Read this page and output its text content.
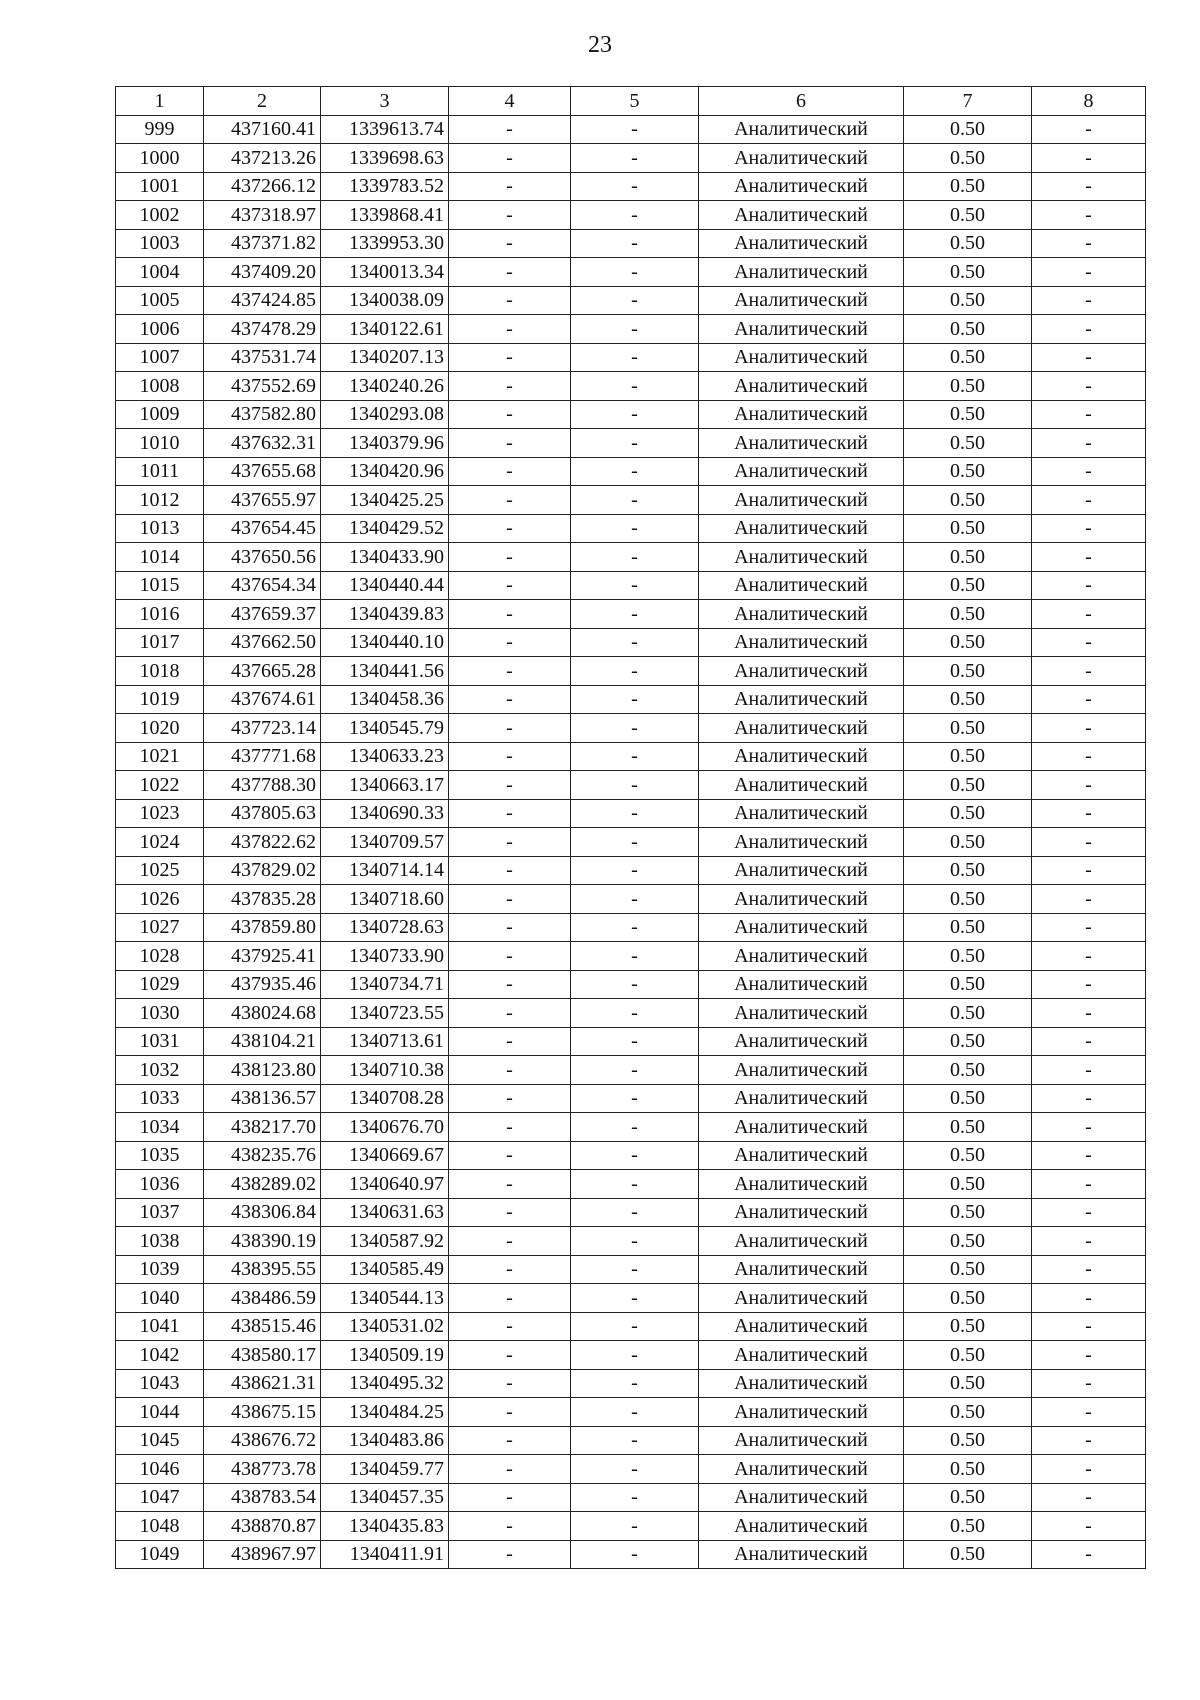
23
1	2	3	4	5	6	7	8
999	437160.41	1339613.74	-	-	Аналитический	0.50	-
1000	437213.26	1339698.63	-	-	Аналитический	0.50	-
1001	437266.12	1339783.52	-	-	Аналитический	0.50	-
1002	437318.97	1339868.41	-	-	Аналитический	0.50	-
1003	437371.82	1339953.30	-	-	Аналитический	0.50	-
1004	437409.20	1340013.34	-	-	Аналитический	0.50	-
1005	437424.85	1340038.09	-	-	Аналитический	0.50	-
1006	437478.29	1340122.61	-	-	Аналитический	0.50	-
1007	437531.74	1340207.13	-	-	Аналитический	0.50	-
1008	437552.69	1340240.26	-	-	Аналитический	0.50	-
1009	437582.80	1340293.08	-	-	Аналитический	0.50	-
1010	437632.31	1340379.96	-	-	Аналитический	0.50	-
1011	437655.68	1340420.96	-	-	Аналитический	0.50	-
1012	437655.97	1340425.25	-	-	Аналитический	0.50	-
1013	437654.45	1340429.52	-	-	Аналитический	0.50	-
1014	437650.56	1340433.90	-	-	Аналитический	0.50	-
1015	437654.34	1340440.44	-	-	Аналитический	0.50	-
1016	437659.37	1340439.83	-	-	Аналитический	0.50	-
1017	437662.50	1340440.10	-	-	Аналитический	0.50	-
1018	437665.28	1340441.56	-	-	Аналитический	0.50	-
1019	437674.61	1340458.36	-	-	Аналитический	0.50	-
1020	437723.14	1340545.79	-	-	Аналитический	0.50	-
1021	437771.68	1340633.23	-	-	Аналитический	0.50	-
1022	437788.30	1340663.17	-	-	Аналитический	0.50	-
1023	437805.63	1340690.33	-	-	Аналитический	0.50	-
1024	437822.62	1340709.57	-	-	Аналитический	0.50	-
1025	437829.02	1340714.14	-	-	Аналитический	0.50	-
1026	437835.28	1340718.60	-	-	Аналитический	0.50	-
1027	437859.80	1340728.63	-	-	Аналитический	0.50	-
1028	437925.41	1340733.90	-	-	Аналитический	0.50	-
1029	437935.46	1340734.71	-	-	Аналитический	0.50	-
1030	438024.68	1340723.55	-	-	Аналитический	0.50	-
1031	438104.21	1340713.61	-	-	Аналитический	0.50	-
1032	438123.80	1340710.38	-	-	Аналитический	0.50	-
1033	438136.57	1340708.28	-	-	Аналитический	0.50	-
1034	438217.70	1340676.70	-	-	Аналитический	0.50	-
1035	438235.76	1340669.67	-	-	Аналитический	0.50	-
1036	438289.02	1340640.97	-	-	Аналитический	0.50	-
1037	438306.84	1340631.63	-	-	Аналитический	0.50	-
1038	438390.19	1340587.92	-	-	Аналитический	0.50	-
1039	438395.55	1340585.49	-	-	Аналитический	0.50	-
1040	438486.59	1340544.13	-	-	Аналитический	0.50	-
1041	438515.46	1340531.02	-	-	Аналитический	0.50	-
1042	438580.17	1340509.19	-	-	Аналитический	0.50	-
1043	438621.31	1340495.32	-	-	Аналитический	0.50	-
1044	438675.15	1340484.25	-	-	Аналитический	0.50	-
1045	438676.72	1340483.86	-	-	Аналитический	0.50	-
1046	438773.78	1340459.77	-	-	Аналитический	0.50	-
1047	438783.54	1340457.35	-	-	Аналитический	0.50	-
1048	438870.87	1340435.83	-	-	Аналитический	0.50	-
1049	438967.97	1340411.91	-	-	Аналитический	0.50	-
